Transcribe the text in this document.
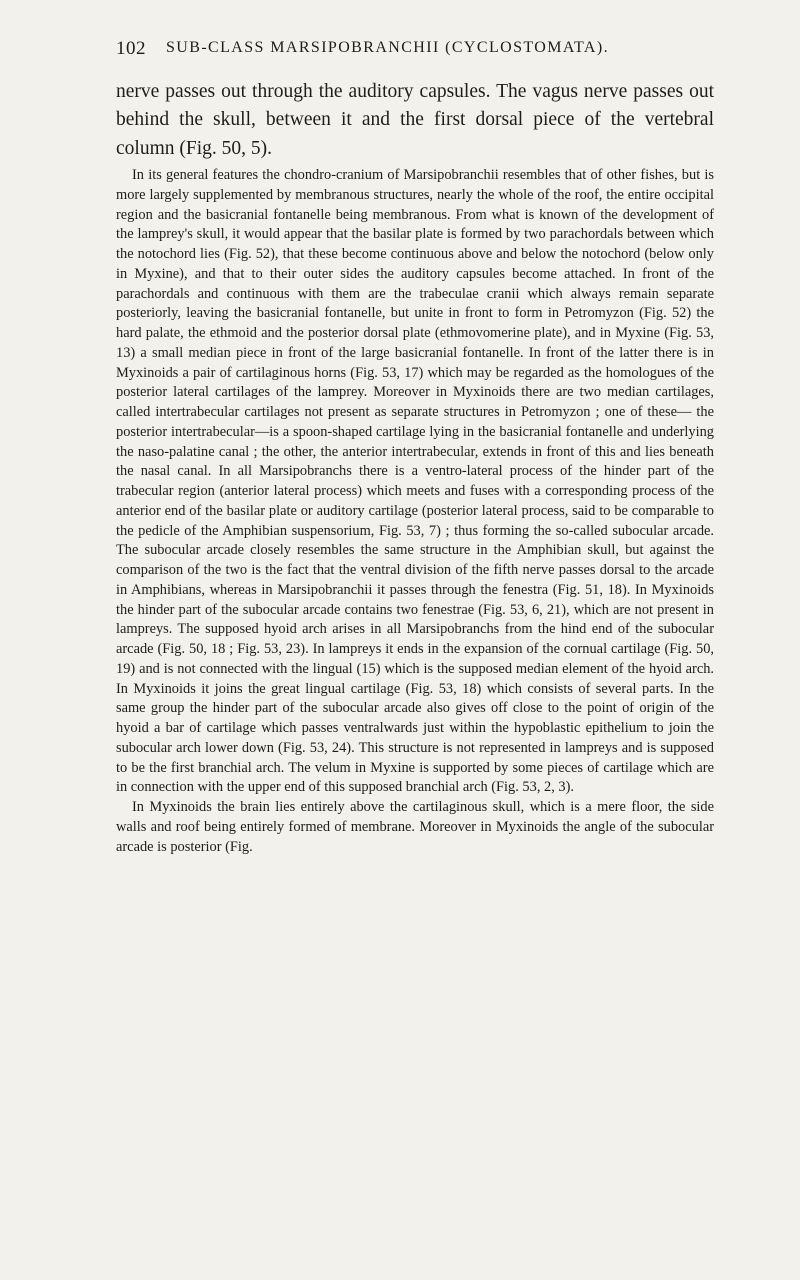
102 SUB-CLASS MARSIPOBRANCHII (CYCLOSTOMATA).

nerve passes out through the auditory capsules. The vagus nerve passes out behind the skull, between it and the first dorsal piece of the vertebral column (Fig. 50, 5).

In its general features the chondro-cranium of Marsipobranchii resembles that of other fishes, but is more largely supplemented by membranous structures, nearly the whole of the roof, the entire occipital region and the basicranial fontanelle being membranous. From what is known of the development of the lamprey's skull, it would appear that the basilar plate is formed by two parachordals between which the notochord lies (Fig. 52), that these become continuous above and below the notochord (below only in Myxine), and that to their outer sides the auditory capsules become attached. In front of the parachordals and continuous with them are the trabeculae cranii which always remain separate posteriorly, leaving the basicranial fontanelle, but unite in front to form in Petromyzon (Fig. 52) the hard palate, the ethmoid and the posterior dorsal plate (ethmovomerine plate), and in Myxine (Fig. 53, 13) a small median piece in front of the large basicranial fontanelle. In front of the latter there is in Myxinoids a pair of cartilaginous horns (Fig. 53, 17) which may be regarded as the homologues of the posterior lateral cartilages of the lamprey. Moreover in Myxinoids there are two median cartilages, called intertrabecular cartilages not present as separate structures in Petromyzon ; one of these— the posterior intertrabecular—is a spoon-shaped cartilage lying in the basicranial fontanelle and underlying the naso-palatine canal ; the other, the anterior intertrabecular, extends in front of this and lies beneath the nasal canal. In all Marsipobranchs there is a ventro-lateral process of the hinder part of the trabecular region (anterior lateral process) which meets and fuses with a corresponding process of the anterior end of the basilar plate or auditory cartilage (posterior lateral process, said to be comparable to the pedicle of the Amphibian suspensorium, Fig. 53, 7) ; thus forming the so-called subocular arcade. The subocular arcade closely resembles the same structure in the Amphibian skull, but against the comparison of the two is the fact that the ventral division of the fifth nerve passes dorsal to the arcade in Amphibians, whereas in Marsipobranchii it passes through the fenestra (Fig. 51, 18). In Myxinoids the hinder part of the subocular arcade contains two fenestrae (Fig. 53, 6, 21), which are not present in lampreys. The supposed hyoid arch arises in all Marsipobranchs from the hind end of the subocular arcade (Fig. 50, 18 ; Fig. 53, 23). In lampreys it ends in the expansion of the cornual cartilage (Fig. 50, 19) and is not connected with the lingual (15) which is the supposed median element of the hyoid arch. In Myxinoids it joins the great lingual cartilage (Fig. 53, 18) which consists of several parts. In the same group the hinder part of the subocular arcade also gives off close to the point of origin of the hyoid a bar of cartilage which passes ventralwards just within the hypoblastic epithelium to join the subocular arch lower down (Fig. 53, 24). This structure is not represented in lampreys and is supposed to be the first branchial arch. The velum in Myxine is supported by some pieces of cartilage which are in connection with the upper end of this supposed branchial arch (Fig. 53, 2, 3).

In Myxinoids the brain lies entirely above the cartilaginous skull, which is a mere floor, the side walls and roof being entirely formed of membrane. Moreover in Myxinoids the angle of the subocular arcade is posterior (Fig.
